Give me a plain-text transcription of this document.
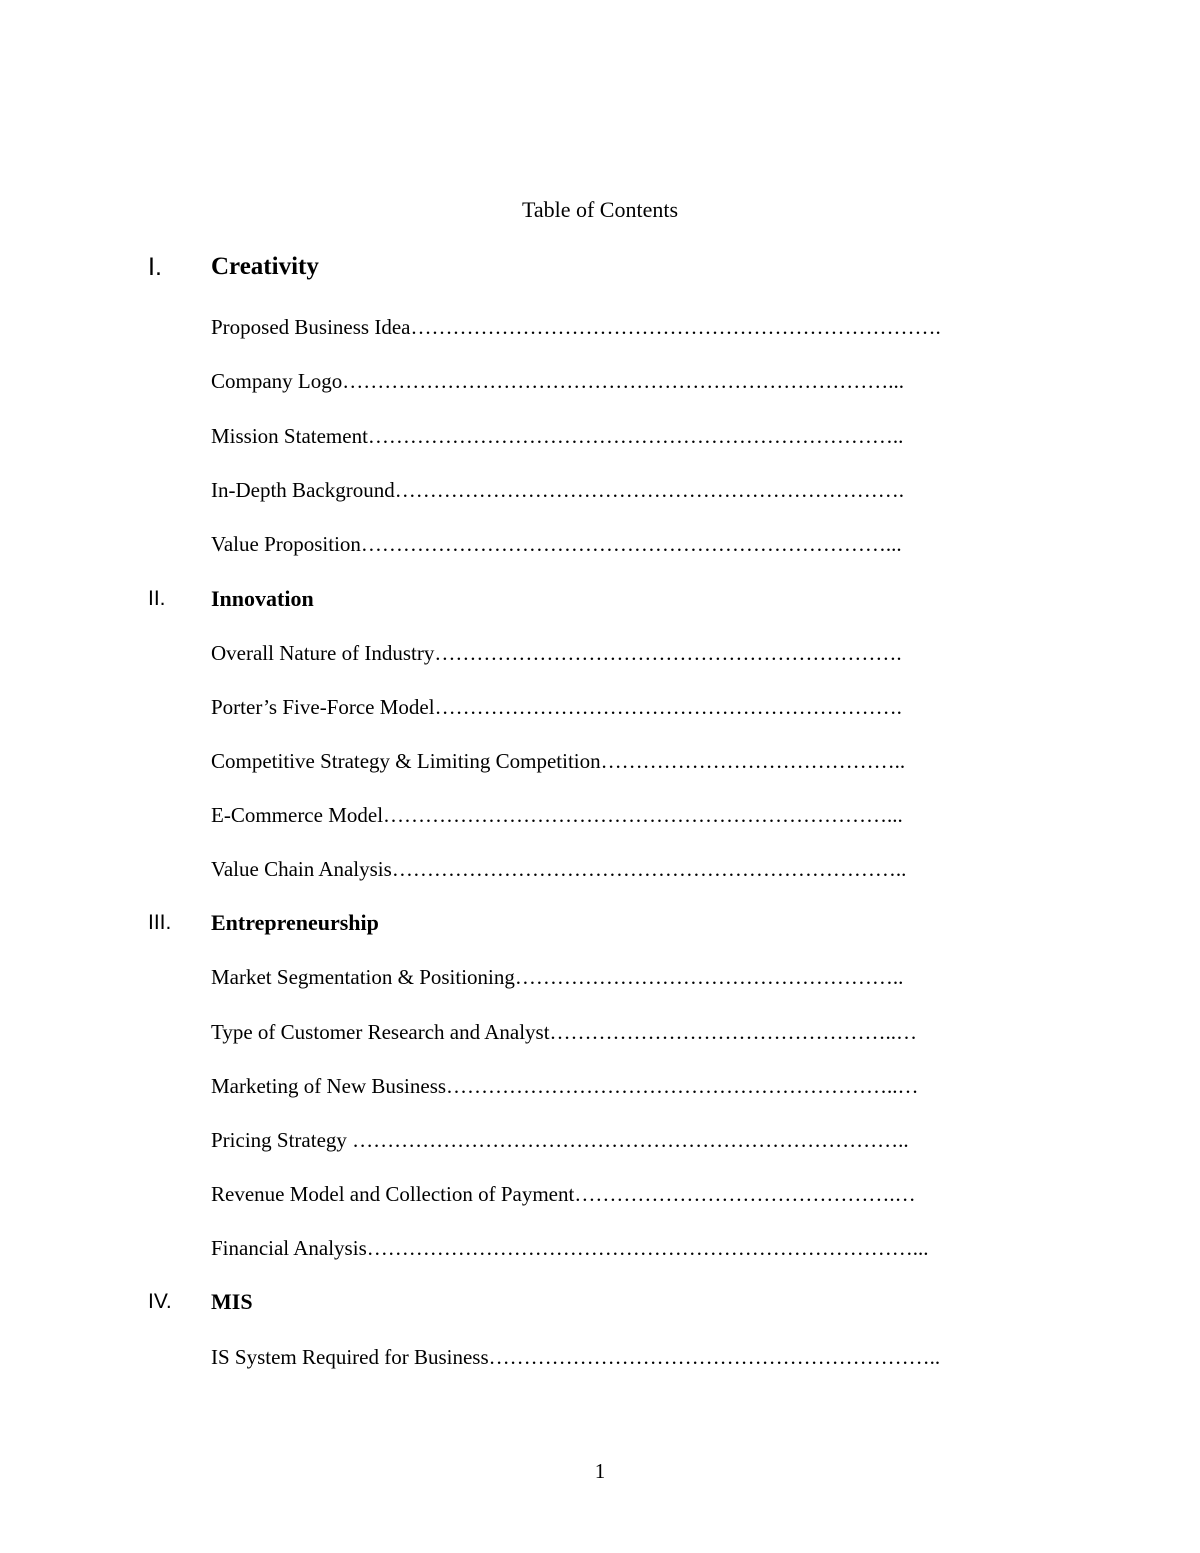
Table of Contents
I. Creativity
Proposed Business Idea………………………………………………………………….
Company Logo……………………………………………………………………...
Mission Statement…………………………………………………………………..
In-Depth Background……………………………………………………………….
Value Proposition…………………………………………………………………...
II. Innovation
Overall Nature of Industry………………………………………………………….
Porter’s Five-Force Model………………………………………………………….
Competitive Strategy & Limiting Competition……………………………………..
E-Commerce Model………………………………………………………………...
Value Chain Analysis………………………………………………………………..
III. Entrepreneurship
Market Segmentation & Positioning………………………………………………..
Type of Customer Research and Analyst…………………………………………..…
Marketing of New Business………………………………………………………..…
Pricing Strategy ……………………………………………………………………..
Revenue Model and Collection of Payment……………………………………….…
Financial Analysis……………………………………………………………………...
IV. MIS
IS System Required for Business………………………………………………………..
1
